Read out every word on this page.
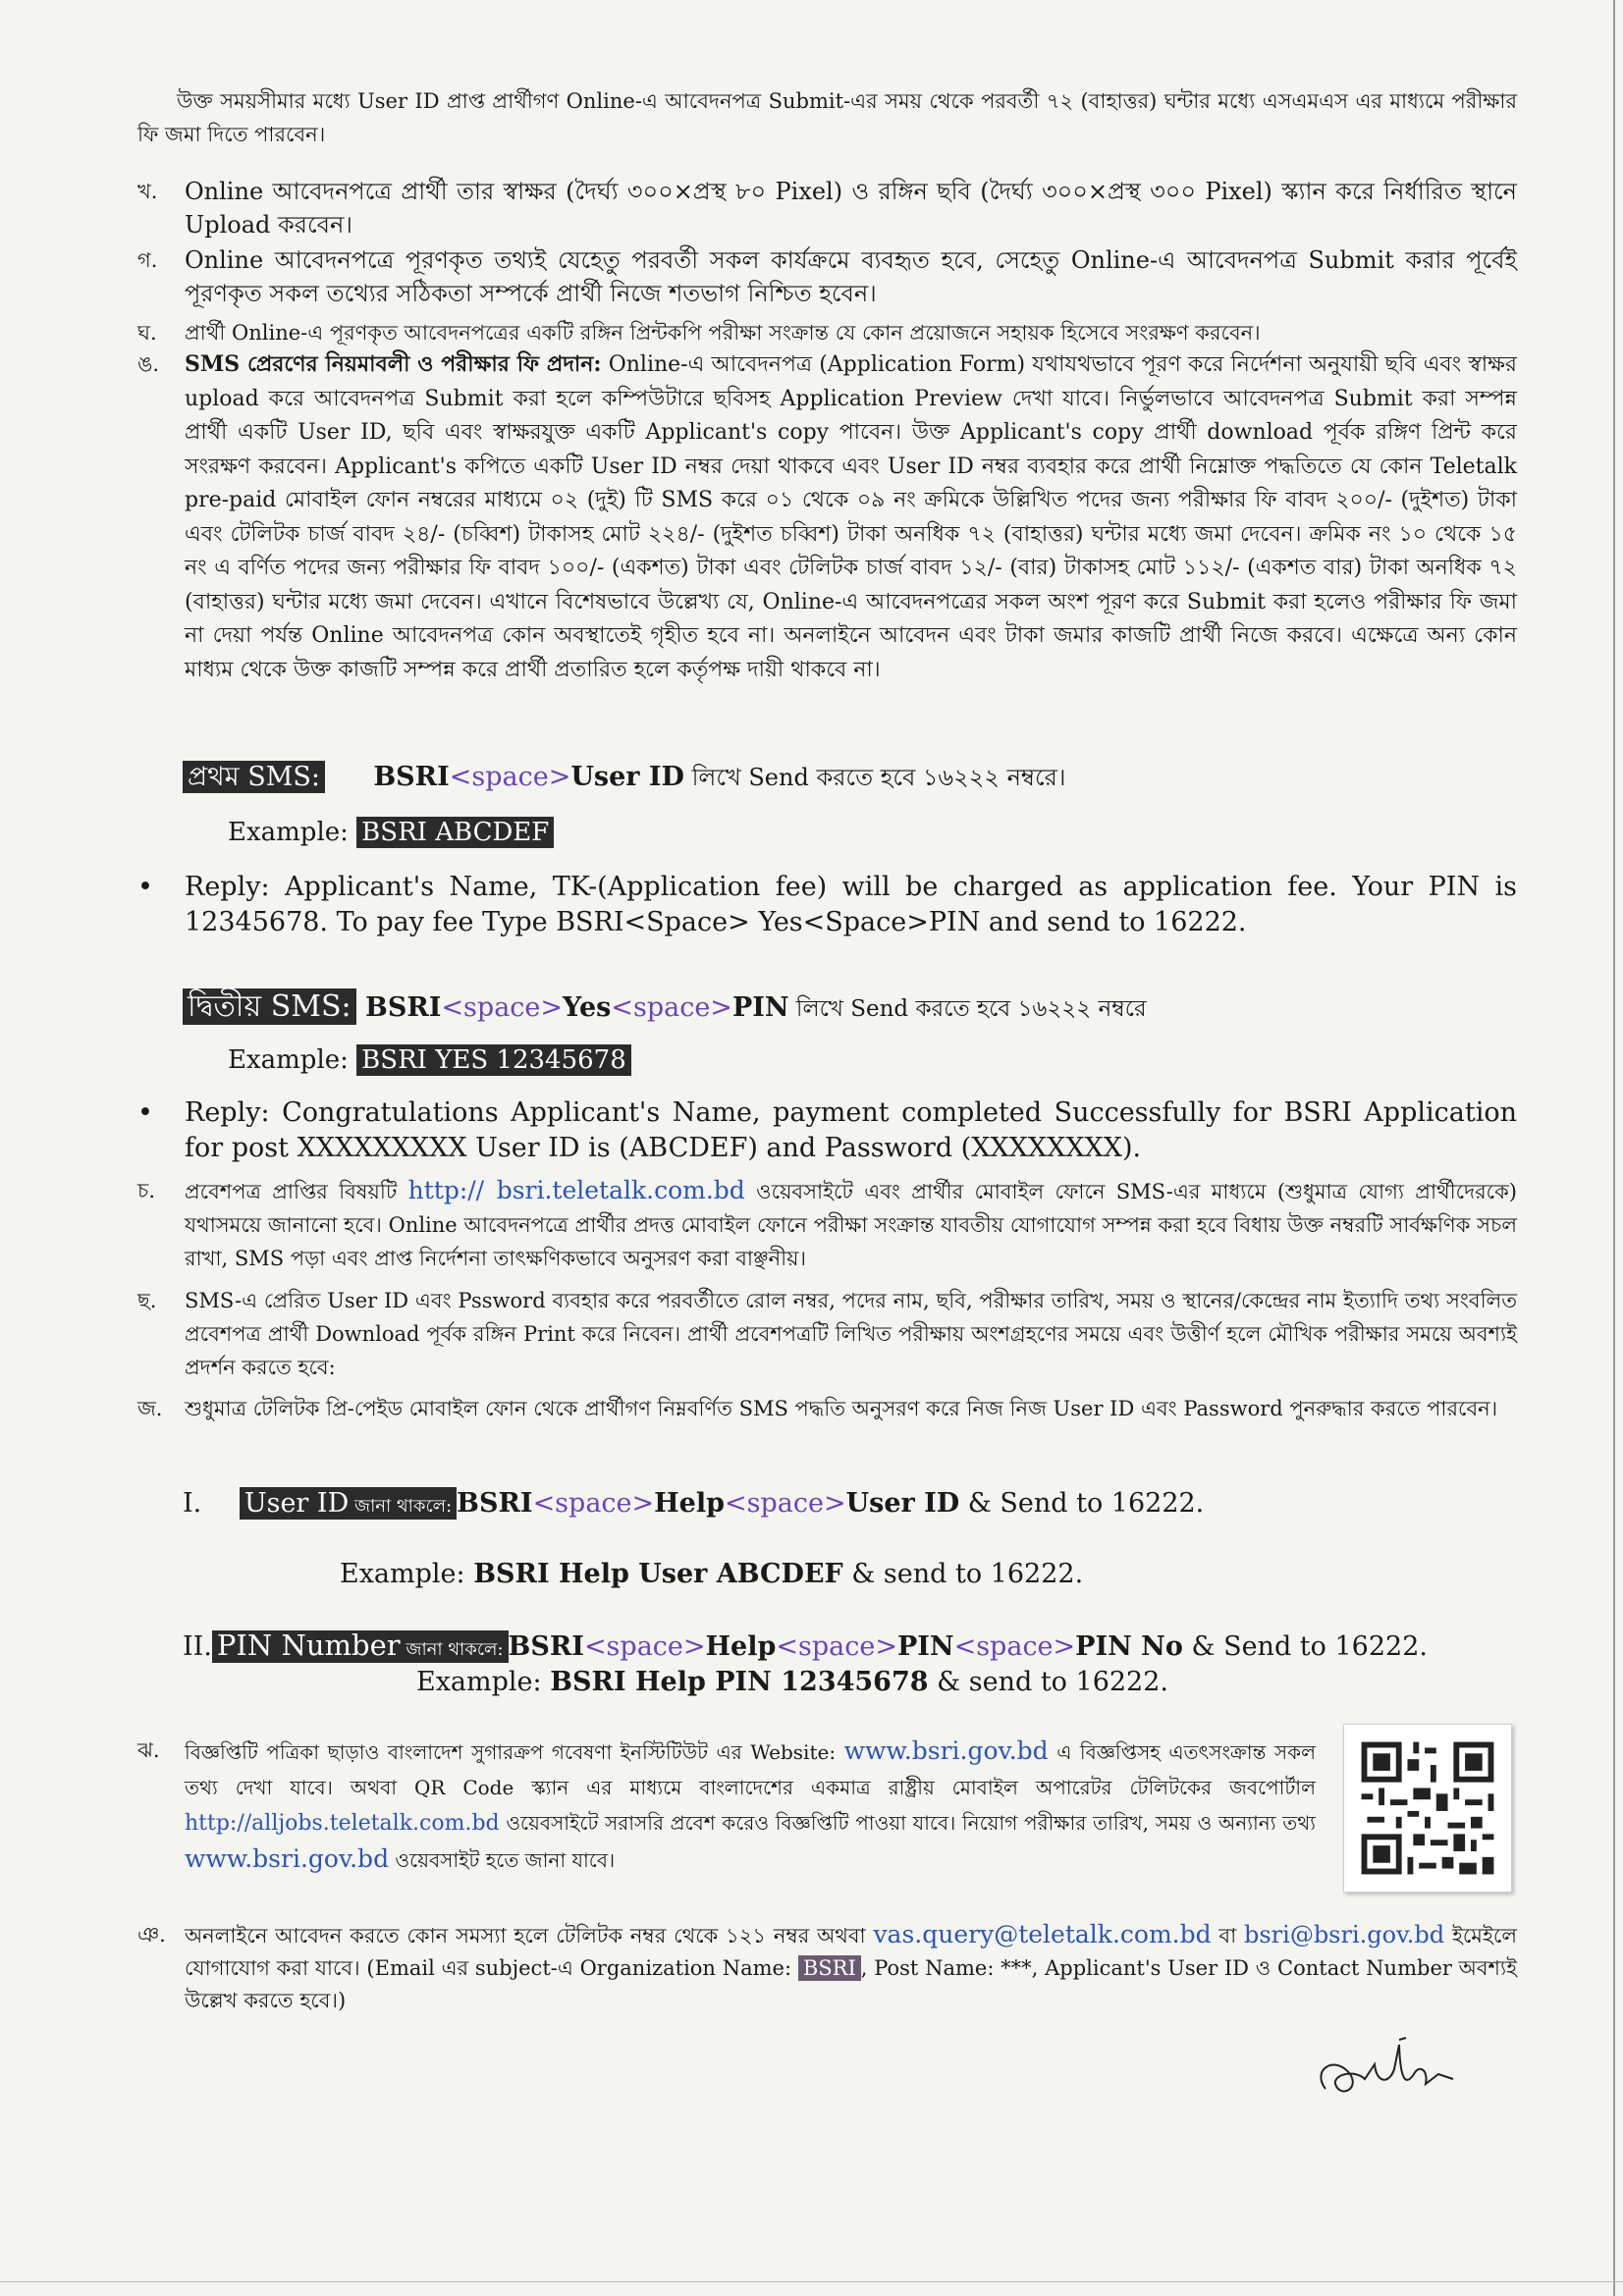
উক্ত সময়সীমার মধ্যে User ID প্রাপ্ত প্রার্থীগণ Online-এ আবেদনপত্র Submit-এর সময় থেকে পরবর্তী ৭২ (বাহাত্তর) ঘন্টার মধ্যে এসএমএস এর মাধ্যমে পরীক্ষার ফি জমা দিতে পারবেন।
খ.	Online আবেদনপত্রে প্রার্থী তার স্বাক্ষর (দৈর্ঘ্য ৩০০×প্রস্থ ৮০ Pixel) ও রঙ্গিন ছবি (দৈর্ঘ্য ৩০০×প্রস্থ ৩০০ Pixel) স্ক্যান করে নির্ধারিত স্থানে Upload করবেন।
গ.	Online আবেদনপত্রে পূরণকৃত তথ্যই যেহেতু পরবর্তী সকল কার্যক্রমে ব্যবহৃত হবে, সেহেতু Online-এ আবেদনপত্র Submit করার পূর্বেই পূরণকৃত সকল তথ্যের সঠিকতা সম্পর্কে প্রার্থী নিজে শতভাগ নিশ্চিত হবেন।
ঘ.	প্রার্থী Online-এ পূরণকৃত আবেদনপত্রের একটি রঙ্গিন প্রিন্টকপি পরীক্ষা সংক্রান্ত যে কোন প্রয়োজনে সহায়ক হিসেবে সংরক্ষণ করবেন।
ঙ.	SMS প্রেরণের নিয়মাবলী ও পরীক্ষার ফি প্রদান: Online-এ আবেদনপত্র (Application Form) যথাযথভাবে পূরণ করে নির্দেশনা অনুযায়ী ছবি এবং স্বাক্ষর upload করে আবেদনপত্র Submit করা হলে কম্পিউটারে ছবিসহ Application Preview দেখা যাবে। নির্ভুলভাবে আবেদনপত্র Submit করা সম্পন্ন প্রার্থী একটি User ID, ছবি এবং স্বাক্ষরযুক্ত একটি Applicant's copy পাবেন। উক্ত Applicant's copy প্রার্থী download পূর্বক রঙ্গিণ প্রিন্ট করে সংরক্ষণ করবেন। Applicant's কপিতে একটি User ID নম্বর দেয়া থাকবে এবং User ID নম্বর ব্যবহার করে প্রার্থী নিম্নোক্ত পদ্ধতিতে যে কোন Teletalk pre-paid মোবাইল ফোন নম্বরের মাধ্যমে ০২ (দুই) টি SMS করে ০১ থেকে ০৯ নং ক্রমিকে উল্লিখিত পদের জন্য পরীক্ষার ফি বাবদ ২০০/- (দুইশত) টাকা এবং টেলিটক চার্জ বাবদ ২৪/- (চব্বিশ) টাকাসহ মোট ২২৪/- (দুইশত চব্বিশ) টাকা অনধিক ৭২ (বাহাত্তর) ঘন্টার মধ্যে জমা দেবেন। ক্রমিক নং ১০ থেকে ১৫ নং এ বর্ণিত পদের জন্য পরীক্ষার ফি বাবদ ১০০/- (একশত) টাকা এবং টেলিটক চার্জ বাবদ ১২/- (বার) টাকাসহ মোট ১১২/- (একশত বার) টাকা অনধিক ৭২ (বাহাত্তর) ঘন্টার মধ্যে জমা দেবেন। এখানে বিশেষভাবে উল্লেখ্য যে, Online-এ আবেদনপত্রের সকল অংশ পূরণ করে Submit করা হলেও পরীক্ষার ফি জমা না দেয়া পর্যন্ত Online আবেদনপত্র কোন অবস্থাতেই গৃহীত হবে না। অনলাইনে আবেদন এবং টাকা জমার কাজটি প্রার্থী নিজে করবে। এক্ষেত্রে অন্য কোন মাধ্যম থেকে উক্ত কাজটি সম্পন্ন করে প্রার্থী প্রতারিত হলে কর্তৃপক্ষ দায়ী থাকবে না।
প্রথম SMS: BSRI<space>User ID লিখে Send করতে হবে ১৬২২২ নম্বরে।
Example: BSRI ABCDEF
• Reply: Applicant's Name, TK-(Application fee) will be charged as application fee. Your PIN is 12345678. To pay fee Type BSRI<Space> Yes<Space>PIN and send to 16222.
দ্বিতীয় SMS: BSRI<space>Yes<space>PIN লিখে Send করতে হবে ১৬২২২ নম্বরে
Example: BSRI YES 12345678
• Reply: Congratulations Applicant's Name, payment completed Successfully for BSRI Application for post XXXXXXXXX User ID is (ABCDEF) and Password (XXXXXXXX).
চ.	প্রবেশপত্র প্রাপ্তির বিষয়টি http:// bsri.teletalk.com.bd ওয়েবসাইটে এবং প্রার্থীর মোবাইল ফোনে SMS-এর মাধ্যমে (শুধুমাত্র যোগ্য প্রার্থীদেরকে) যথাসময়ে জানানো হবে। Online আবেদনপত্রে প্রার্থীর প্রদত্ত মোবাইল ফোনে পরীক্ষা সংক্রান্ত যাবতীয় যোগাযোগ সম্পন্ন করা হবে বিধায় উক্ত নম্বরটি সার্বক্ষণিক সচল রাখা, SMS পড়া এবং প্রাপ্ত নির্দেশনা তাৎক্ষণিকভাবে অনুসরণ করা বাঞ্ছনীয়।
ছ.	SMS-এ প্রেরিত User ID এবং Pssword ব্যবহার করে পরবর্তীতে রোল নম্বর, পদের নাম, ছবি, পরীক্ষার তারিখ, সময় ও স্থানের/কেন্দ্রের নাম ইত্যাদি তথ্য সংবলিত প্রবেশপত্র প্রার্থী Download পূর্বক রঙ্গিন Print করে নিবেন। প্রার্থী প্রবেশপত্রটি লিখিত পরীক্ষায় অংশগ্রহণের সময়ে এবং উত্তীর্ণ হলে মৌখিক পরীক্ষার সময়ে অবশ্যই প্রদর্শন করতে হবে:
জ.	শুধুমাত্র টেলিটক প্রি-পেইড মোবাইল ফোন থেকে প্রার্থীগণ নিম্নবর্ণিত SMS পদ্ধতি অনুসরণ করে নিজ নিজ User ID এবং Password পুনরুদ্ধার করতে পারবেন।
I. User ID জানা থাকলে: BSRI<space>Help<space>User ID & Send to 16222.
Example: BSRI Help User ABCDEF & send to 16222.
II. PIN Number জানা থাকলে: BSRI<space>Help<space>PIN<space>PIN No & Send to 16222.
Example: BSRI Help PIN 12345678 & send to 16222.
ঝ.	বিজ্ঞপ্তিটি পত্রিকা ছাড়াও বাংলাদেশ সুগারক্রপ গবেষণা ইনস্টিটিউট এর Website: www.bsri.gov.bd এ বিজ্ঞপ্তিসহ এতৎসংক্রান্ত সকল তথ্য দেখা যাবে। অথবা QR Code স্ক্যান এর মাধ্যমে বাংলাদেশের একমাত্র রাষ্ট্রীয় মোবাইল অপারেটর টেলিটকের জবপোর্টাল http://alljobs.teletalk.com.bd ওয়েবসাইটে সরাসরি প্রবেশ করেও বিজ্ঞপ্তিটি পাওয়া যাবে। নিয়োগ পরীক্ষার তারিখ, সময় ও অন্যান্য তথ্য www.bsri.gov.bd ওয়েবসাইট হতে জানা যাবে।
ঞ. অনলাইনে আবেদন করতে কোন সমস্যা হলে টেলিটক নম্বর থেকে ১২১ নম্বর অথবা vas.query@teletalk.com.bd বা bsri@bsri.gov.bd ইমেইলে যোগাযোগ করা যাবে। (Email এর subject-এ Organization Name: BSRI , Post Name: ***, Applicant's User ID ও Contact Number অবশ্যই উল্লেখ করতে হবে।)
